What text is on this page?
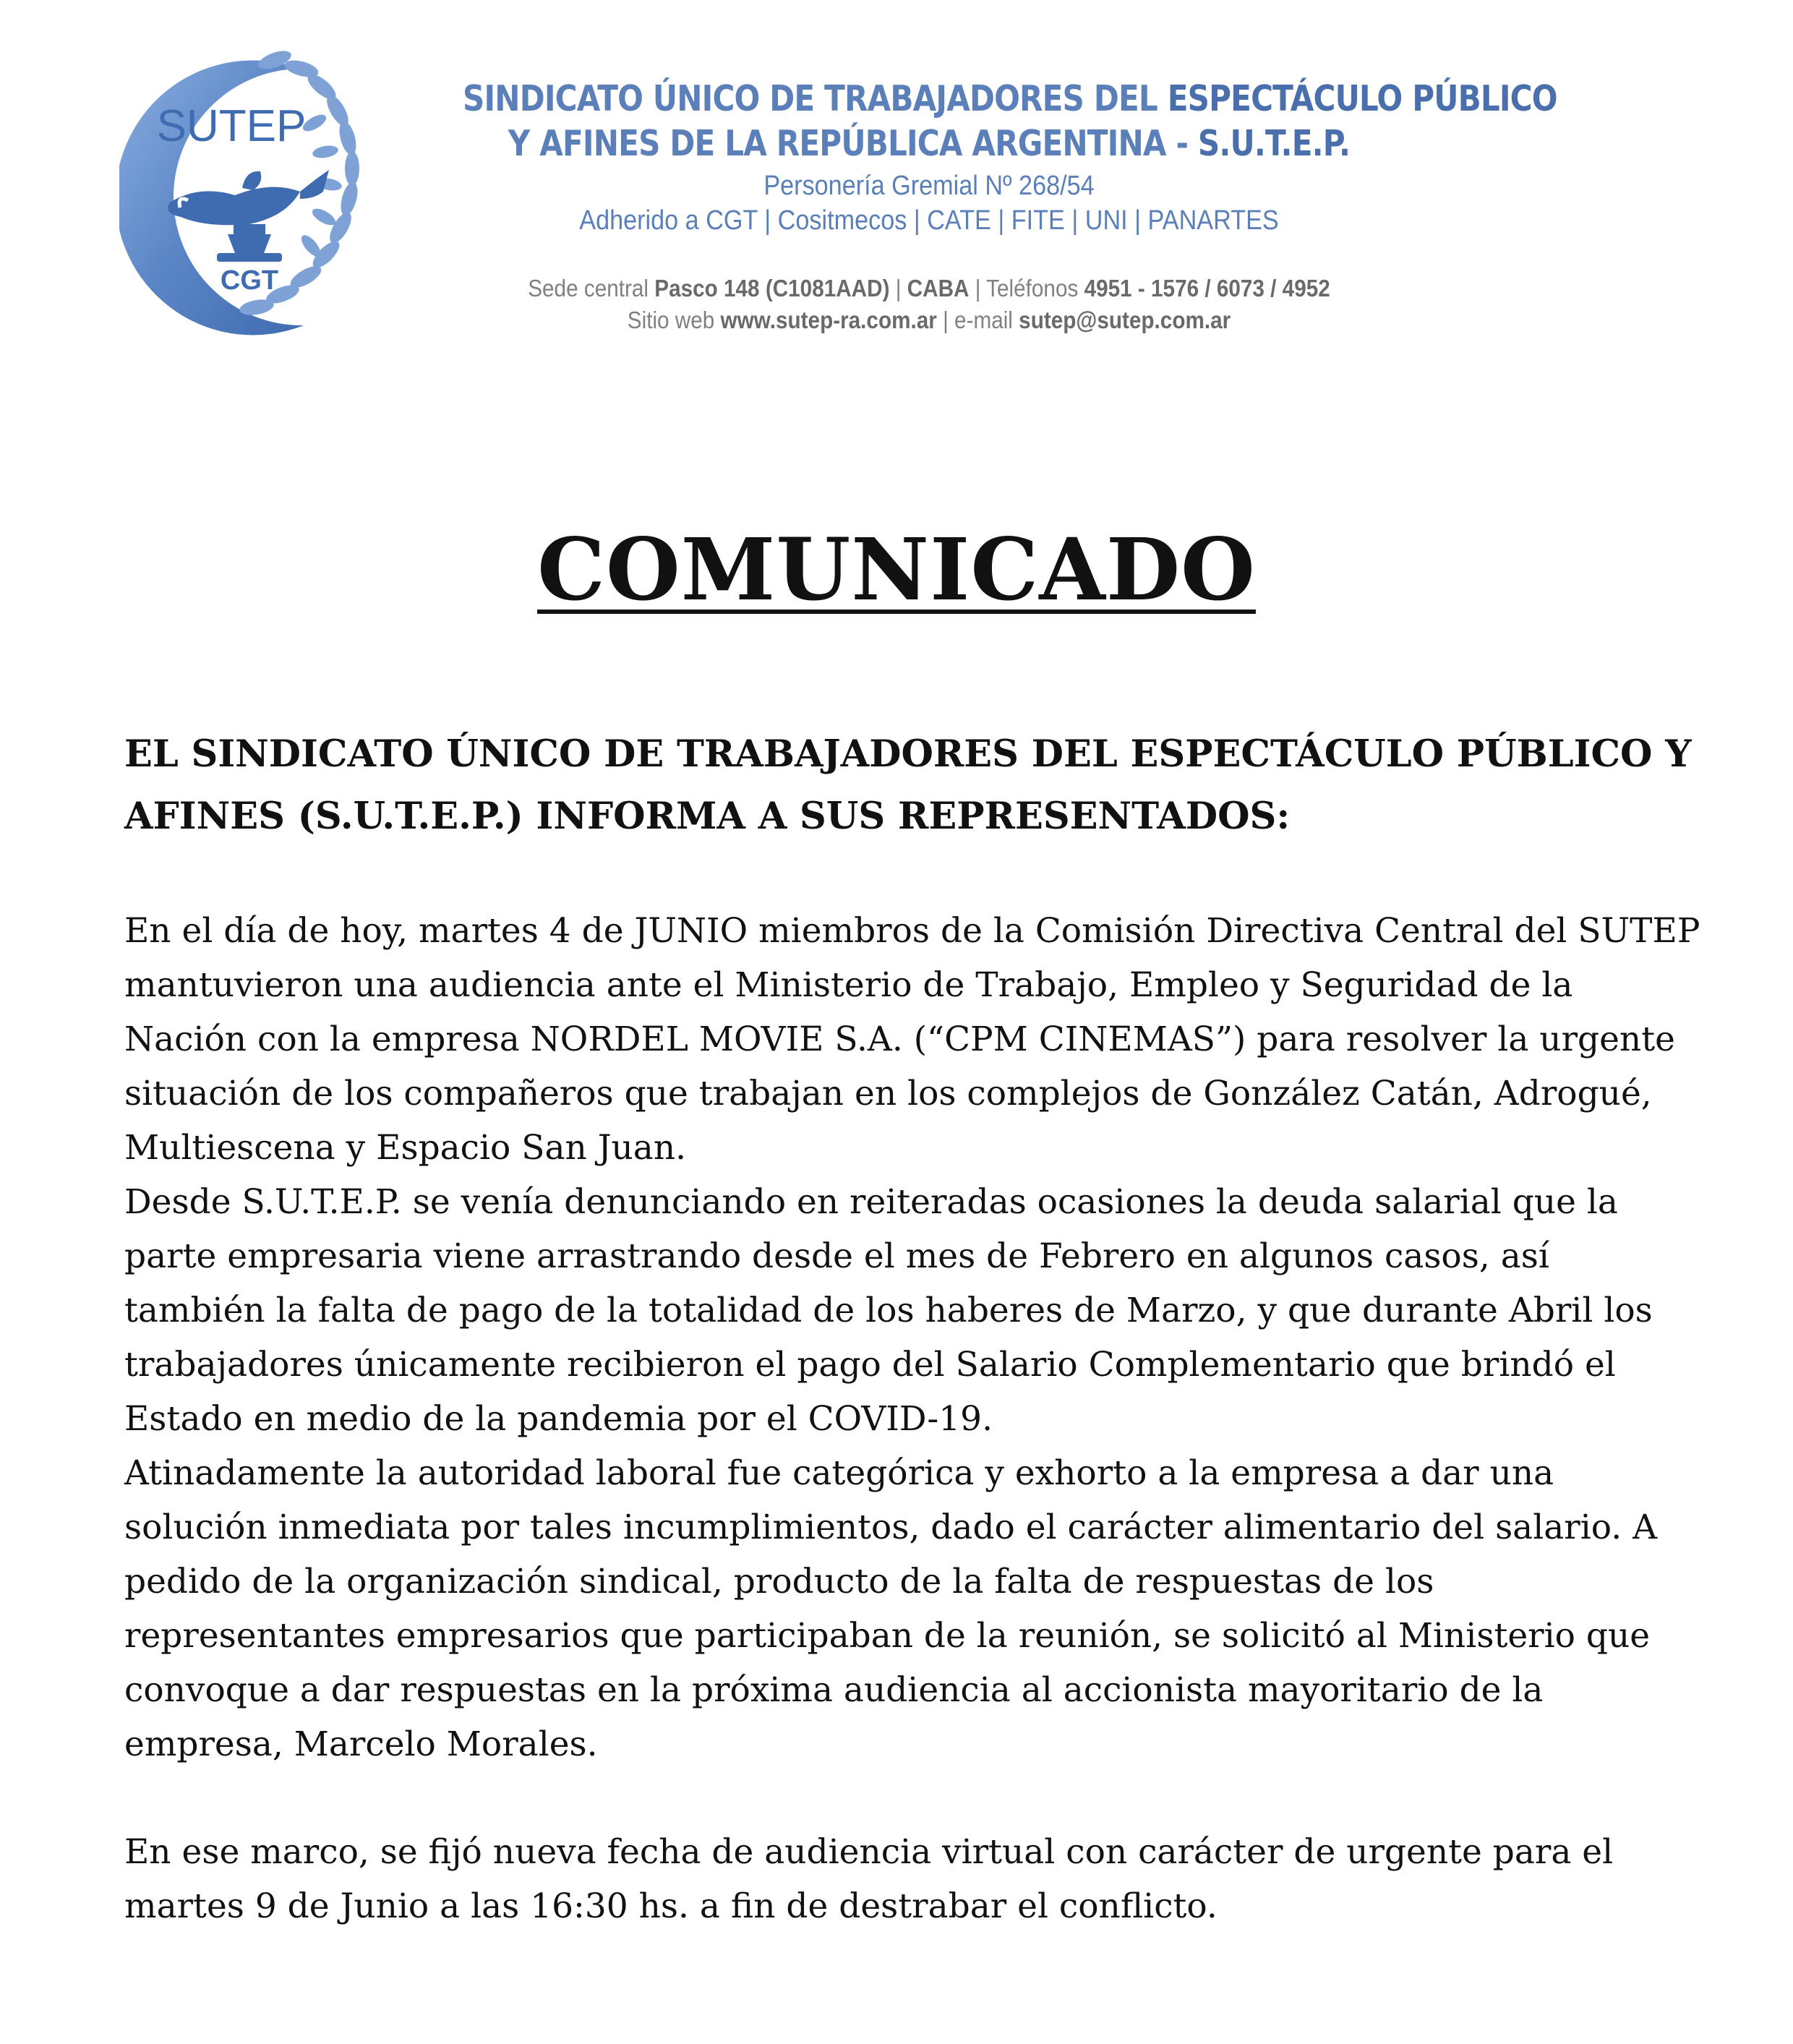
SUTEP
CGT
SINDICATO ÚNICO DE TRABAJADORES DEL ESPECTÁCULO PÚBLICO
Y AFINES DE LA REPÚBLICA ARGENTINA - S.U.T.E.P.
Personería Gremial Nº 268/54
Adherido a CGT | Cositmecos | CATE | FITE | UNI | PANARTES
Sede central Pasco 148 (C1081AAD) | CABA | Teléfonos 4951 - 1576 / 6073 / 4952
Sitio web www.sutep-ra.com.ar | e-mail sutep@sutep.com.ar
COMUNICADO
EL SINDICATO ÚNICO DE TRABAJADORES DEL ESPECTÁCULO PÚBLICO Y
AFINES (S.U.T.E.P.) INFORMA A SUS REPRESENTADOS:

En el día de hoy, martes 4 de JUNIO miembros de la Comisión Directiva Central del SUTEP
mantuvieron una audiencia ante el Ministerio de Trabajo, Empleo y Seguridad de la
Nación con la empresa NORDEL MOVIE S.A. (“CPM CINEMAS”) para resolver la urgente
situación de los compañeros que trabajan en los complejos de González Catán, Adrogué,
Multiescena y Espacio San Juan.

Desde S.U.T.E.P. se venía denunciando en reiteradas ocasiones la deuda salarial que la
parte empresaria viene arrastrando desde el mes de Febrero en algunos casos, así
también la falta de pago de la totalidad de los haberes de Marzo, y que durante Abril los
trabajadores únicamente recibieron el pago del Salario Complementario que brindó el
Estado en medio de la pandemia por el COVID-19.

Atinadamente la autoridad laboral fue categórica y exhorto a la empresa a dar una
solución inmediata por tales incumplimientos, dado el carácter alimentario del salario. A
pedido de la organización sindical, producto de la falta de respuestas de los
representantes empresarios que participaban de la reunión, se solicitó al Ministerio que
convoque a dar respuestas en la próxima audiencia al accionista mayoritario de la
empresa, Marcelo Morales.

En ese marco, se fijó nueva fecha de audiencia virtual con carácter de urgente para el
martes 9 de Junio a las 16:30 hs. a fin de destrabar el conflicto.
